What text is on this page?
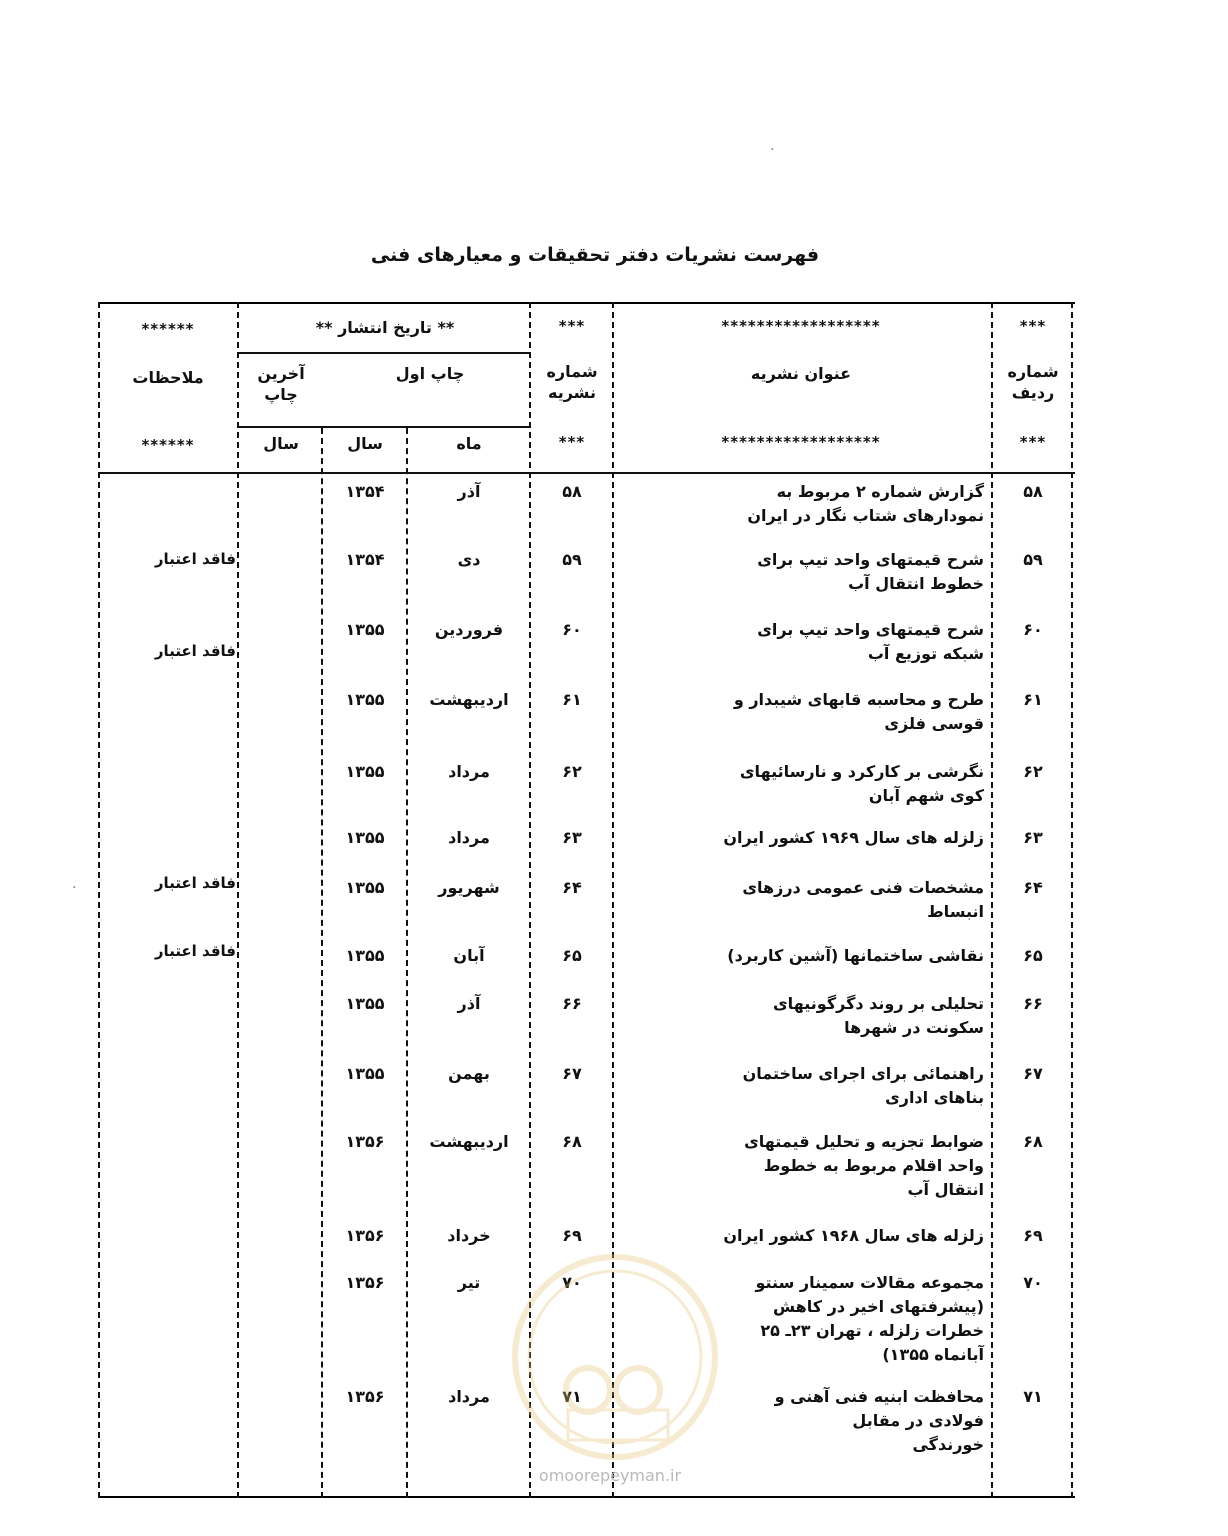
فهرست نشریات دفتر تحقیقات و معیارهای فنی
.
.
***
شماره ردیف
***
******************
عنوان نشریه
******************
***
شماره نشریه
***
** تاریخ انتشار **
چاپ اول
آخرین چاپ
ماه
سال
سال
******
ملاحظات
******
۵۸
گزارش شماره ۲ مربوط به
نمودارهای شتاب نگار در ایران
۵۸
آذر
۱۳۵۴
۵۹
شرح قیمتهای واحد تیپ برای
خطوط انتقال آب
۵۹
دی
۱۳۵۴
فاقد اعتبار
۶۰
شرح قیمتهای واحد تیپ برای
شبکه توزیع آب
۶۰
فروردین
۱۳۵۵
فاقد اعتبار
۶۱
طرح و محاسبه قابهای شیبدار و
قوسی فلزی
۶۱
اردیبهشت
۱۳۵۵
۶۲
نگرشی بر کارکرد و نارسائیهای
کوی شهم آبان
۶۲
مرداد
۱۳۵۵
۶۳
زلزله های سال ۱۹۶۹ کشور ایران
۶۳
مرداد
۱۳۵۵
۶۴
مشخصات فنی عمومی درزهای
انبساط
۶۴
شهریور
۱۳۵۵
فاقد اعتبار
۶۵
نقاشی ساختمانها (آشین کاربرد)
۶۵
آبان
۱۳۵۵
فاقد اعتبار
۶۶
تحلیلی بر روند دگرگونیهای
سکونت در شهرها
۶۶
آذر
۱۳۵۵
۶۷
راهنمائی برای اجرای ساختمان
بناهای اداری
۶۷
بهمن
۱۳۵۵
۶۸
ضوابط تجزیه و تحلیل قیمتهای
واحد اقلام مربوط به خطوط
انتقال آب
۶۸
اردیبهشت
۱۳۵۶
۶۹
زلزله های سال ۱۹۶۸ کشور ایران
۶۹
خرداد
۱۳۵۶
۷۰
مجموعه مقالات سمینار سنتو
(پیشرفتهای اخیر در کاهش
خطرات زلزله ، تهران ۲۳ـ ۲۵
آبانماه ۱۳۵۵)
۷۰
تیر
۱۳۵۶
۷۱
محافظت ابنیه فنی آهنی و
فولادی در مقابل
خورندگی
۷۱
مرداد
۱۳۵۶
omoorepeyman.ir
